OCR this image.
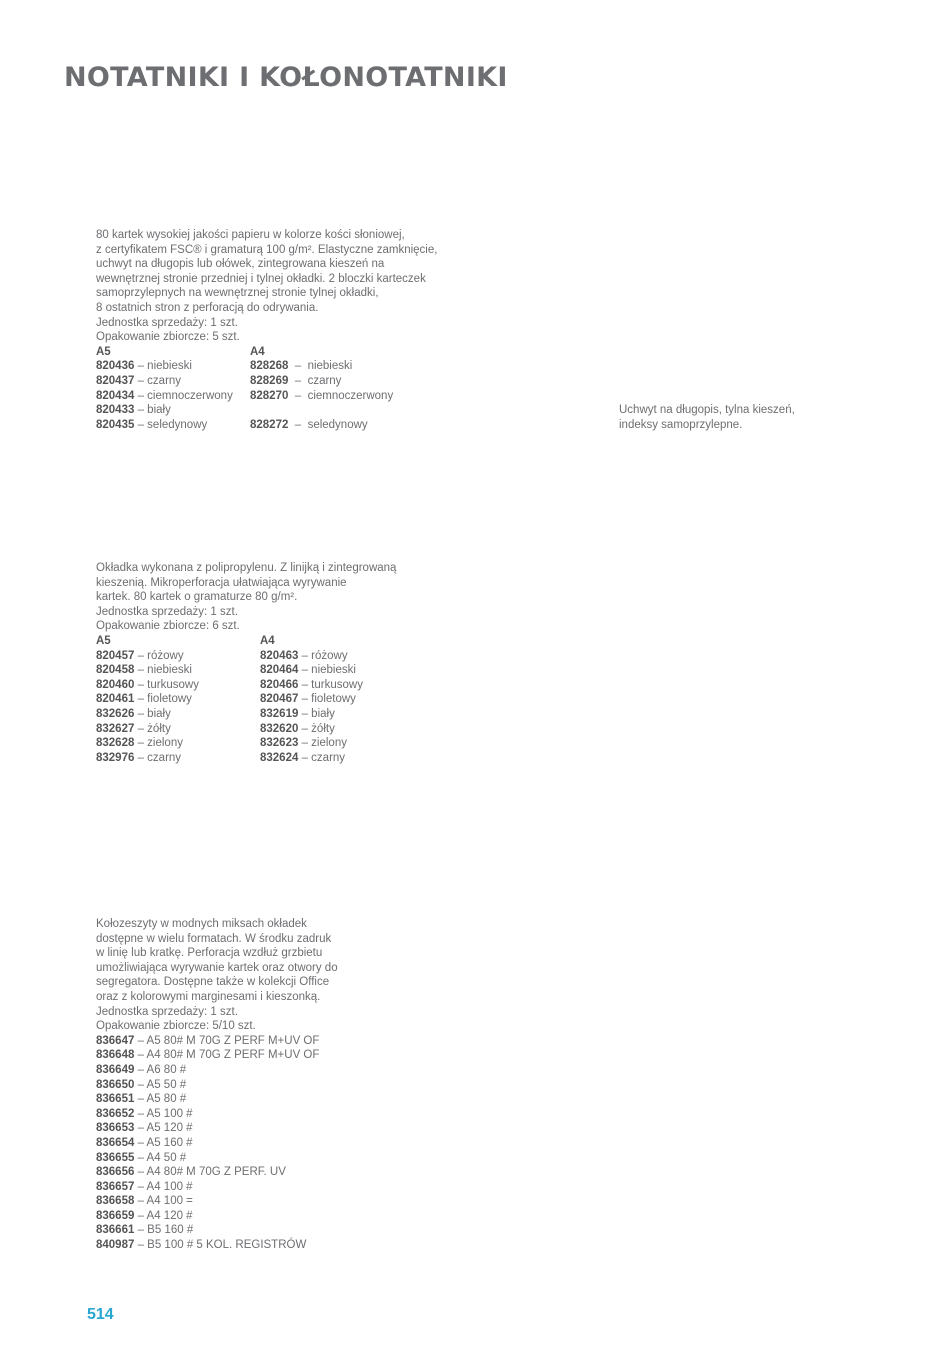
NOTATNIKI I KOŁONOTATNIKI

80 kartek wysokiej jakości papieru w kolorze kości słoniowej,

z certyfikatem FSC® i gramaturą 100 g/m². Elastyczne zamknięcie,

uchwyt na długopis lub ołówek, zintegrowana kieszeń na

wewnętrznej stronie przedniej i tylnej okładki. 2 bloczki karteczek

samoprzylepnych na wewnętrznej stronie tylnej okładki,

8 ostatnich stron z perforacją do odrywania.

Jednostka sprzedaży: 1 szt.

Opakowanie zbiorcze: 5 szt.

A5
820436 – niebieski
820437 – czarny
820434 – ciemnoczerwony
820433 – biały
820435 – seledynowy
A4
828268  –  niebieski
828269  –  czarny
828270  –  ciemnoczerwony

828272  –  seledynowy

Uchwyt na długopis, tylna kieszeń,

indeksy samoprzylepne.

Okładka wykonana z polipropylenu. Z linijką i zintegrowaną

kieszenią. Mikroperforacja ułatwiająca wyrywanie

kartek. 80 kartek o gramaturze 80 g/m².

Jednostka sprzedaży: 1 szt.

Opakowanie zbiorcze: 6 szt.

A5
820457 – różowy
820458 – niebieski
820460 – turkusowy
820461 – fioletowy
832626 – biały
832627 – żółty
832628 – zielony
832976 – czarny
A4
820463 – różowy
820464 – niebieski
820466 – turkusowy
820467 – fioletowy
832619 – biały
832620 – żółty
832623 – zielony
832624 – czarny

Kołozeszyty w modnych miksach okładek

dostępne w wielu formatach. W środku zadruk

w linię lub kratkę. Perforacja wzdłuż grzbietu

umożliwiająca wyrywanie kartek oraz otwory do

segregatora. Dostępne także w kolekcji Office

oraz z kolorowymi marginesami i kieszonką.

Jednostka sprzedaży: 1 szt.

Opakowanie zbiorcze: 5/10 szt.

836647 – A5 80# M 70G Z PERF M+UV OF
836648 – A4 80# M 70G Z PERF M+UV OF
836649 – A6 80 #
836650 – A5 50 #
836651 – A5 80 #
836652 – A5 100 #
836653 – A5 120 #
836654 – A5 160 #
836655 – A4 50 #
836656 – A4 80# M 70G Z PERF. UV
836657 – A4 100 #
836658 – A4 100 =
836659 – A4 120 #
836661 – B5 160 #
840987 – B5 100 # 5 KOL. REGISTRÓW

514
